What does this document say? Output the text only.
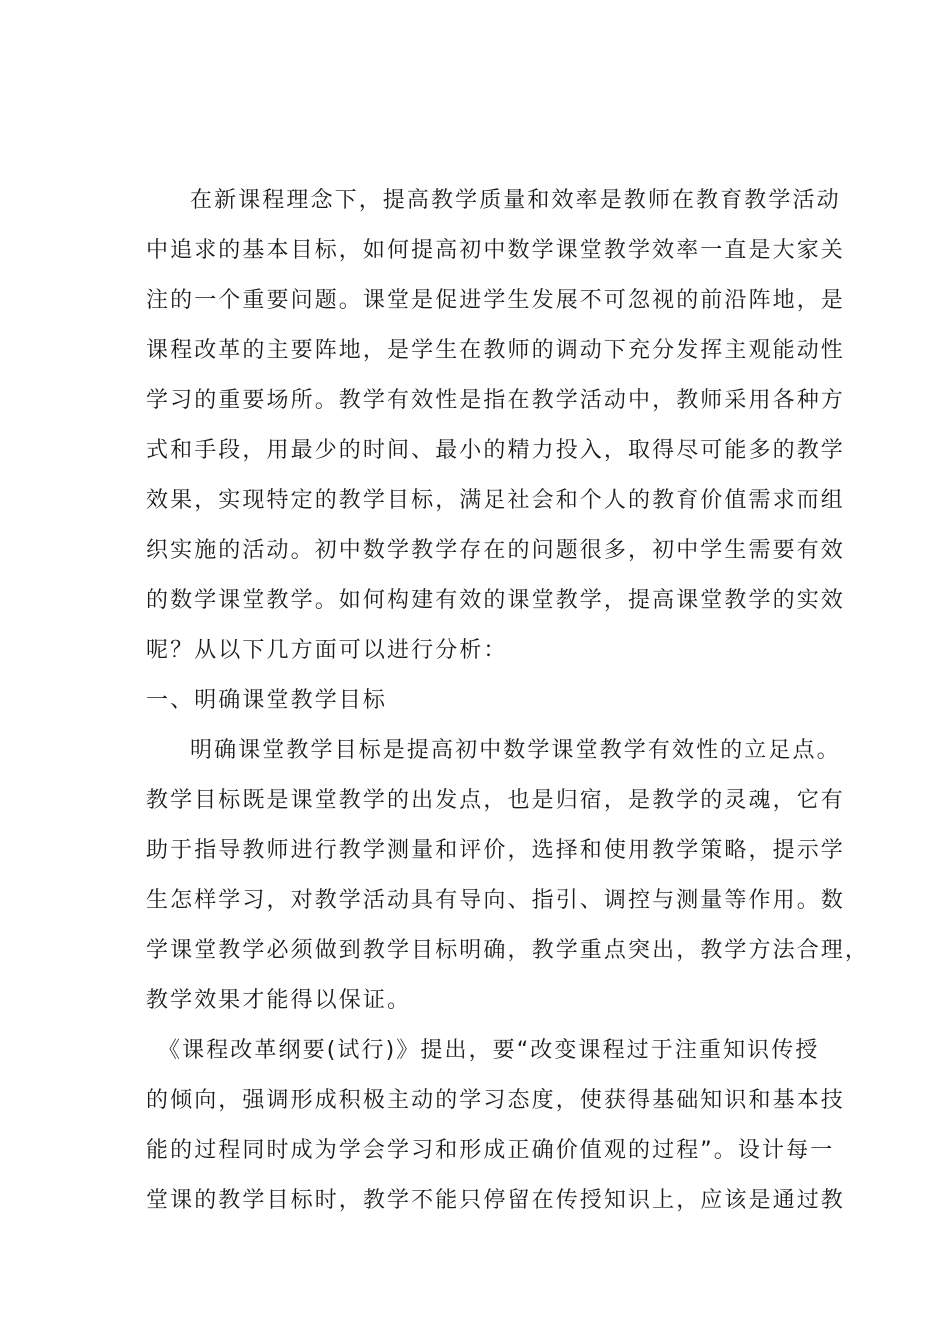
在新课程理念下，提高教学质量和效率是教师在教育教学活动
中追求的基本目标，如何提高初中数学课堂教学效率一直是大家关
注的一个重要问题。课堂是促进学生发展不可忽视的前沿阵地，是
课程改革的主要阵地，是学生在教师的调动下充分发挥主观能动性
学习的重要场所。教学有效性是指在教学活动中，教师采用各种方
式和手段，用最少的时间、最小的精力投入，取得尽可能多的教学
效果，实现特定的教学目标，满足社会和个人的教育价值需求而组
织实施的活动。初中数学教学存在的问题很多，初中学生需要有效
的数学课堂教学。如何构建有效的课堂教学，提高课堂教学的实效
呢？从以下几方面可以进行分析：
一、明确课堂教学目标
明确课堂教学目标是提高初中数学课堂教学有效性的立足点。
教学目标既是课堂教学的出发点，也是归宿，是教学的灵魂，它有
助于指导教师进行教学测量和评价，选择和使用教学策略，提示学
生怎样学习，对教学活动具有导向、指引、调控与测量等作用。数
学课堂教学必须做到教学目标明确，教学重点突出，教学方法合理，
教学效果才能得以保证。
《课程改革纲要(试行)》提出，要“改变课程过于注重知识传授
的倾向，强调形成积极主动的学习态度，使获得基础知识和基本技
能的过程同时成为学会学习和形成正确价值观的过程”。设计每一
堂课的教学目标时，教学不能只停留在传授知识上，应该是通过教
